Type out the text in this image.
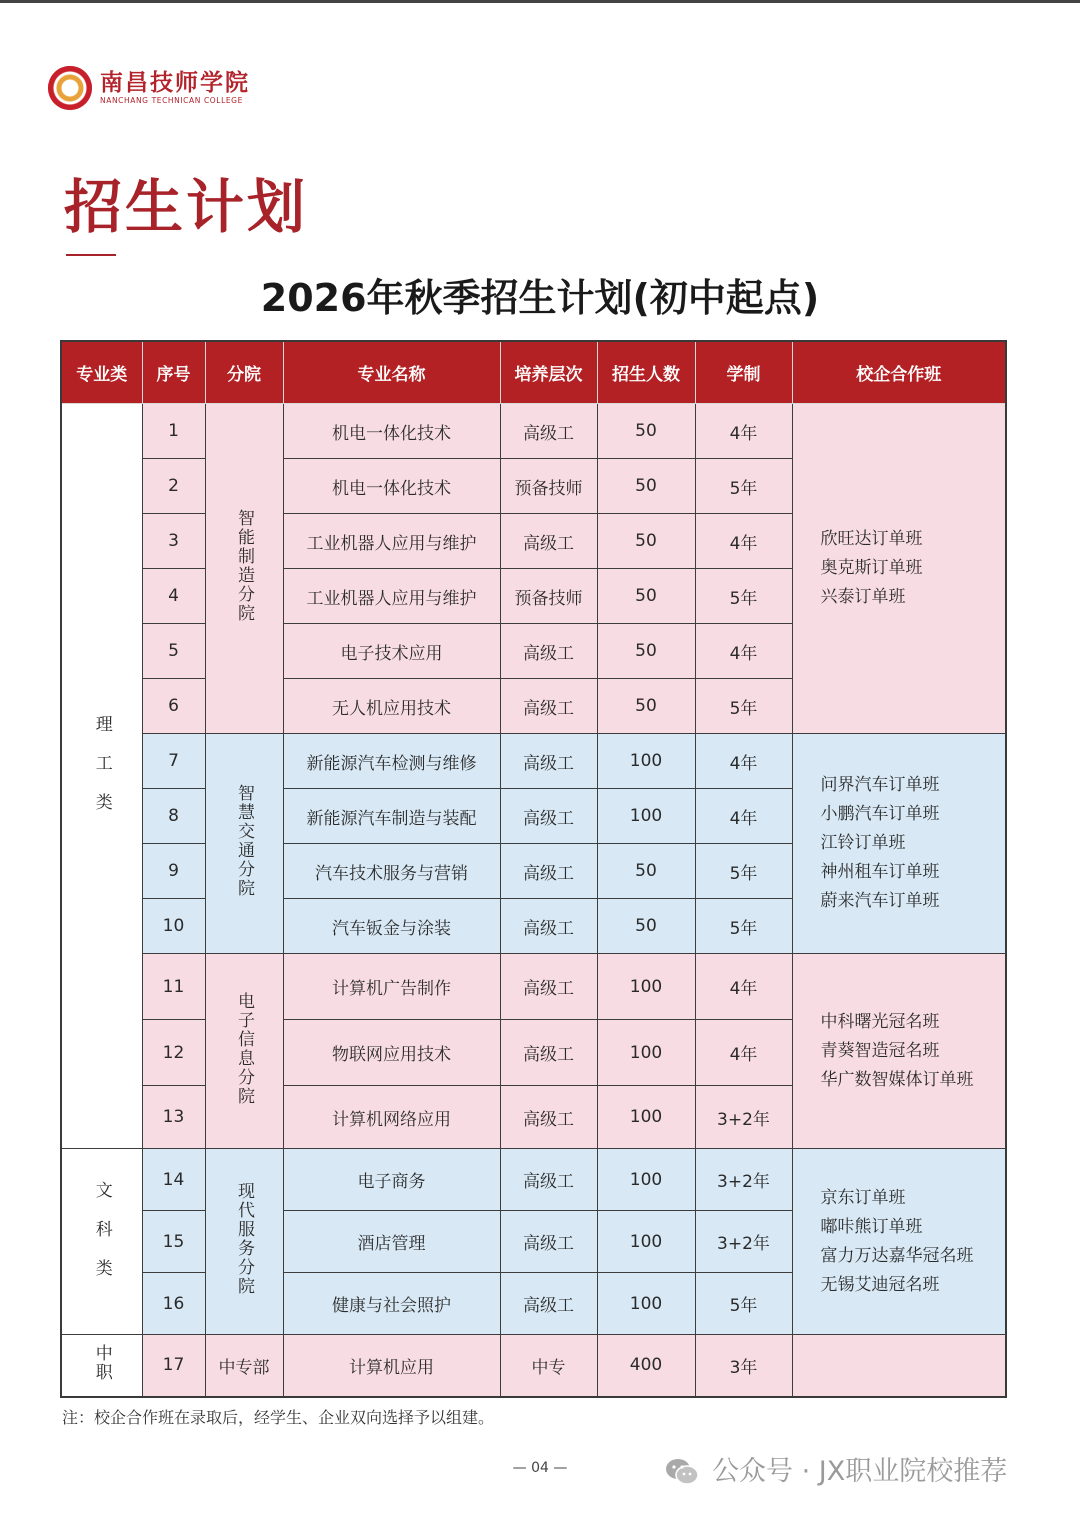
南昌技师学院
NANCHANG TECHNICAN COLLEGE
招生计划
2026年秋季招生计划(初中起点)
专业类	序号	分院	专业名称	培养层次	招生人数	学制	校企合作班
理工类	1	智能制造分院	机电一体化技术	高级工	50	4年	欣旺达订单班
奥克斯订单班
兴泰订单班

	2		机电一体化技术	预备技师	50	5年	
	3		工业机器人应用与维护	高级工	50	4年	
	4		工业机器人应用与维护	预备技师	50	5年	
	5		电子技术应用	高级工	50	4年	
	6		无人机应用技术	高级工	50	5年	
	7	智慧交通分院	新能源汽车检测与维修	高级工	100	4年	问界汽车订单班
小鹏汽车订单班
江铃订单班
神州租车订单班
蔚来汽车订单班

	8		新能源汽车制造与装配	高级工	100	4年	
	9		汽车技术服务与营销	高级工	50	5年	
	10		汽车钣金与涂装	高级工	50	5年	
	11	电子信息分院	计算机广告制作	高级工	100	4年	中科曙光冠名班
青葵智造冠名班
华广数智媒体订单班

	12		物联网应用技术	高级工	100	4年	
	13		计算机网络应用	高级工	100	3+2年	
文科类	14	现代服务分院	电子商务	高级工	100	3+2年	京东订单班
嘟咔熊订单班
富力万达嘉华冠名班
无锡艾迪冠名班

	15		酒店管理	高级工	100	3+2年	
	16		健康与社会照护	高级工	100	5年	
中职	17	中专部	计算机应用	中专	400	3年	
注：校企合作班在录取后，经学生、企业双向选择予以组建。
— 04 —	公众号 · JX职业院校推荐
